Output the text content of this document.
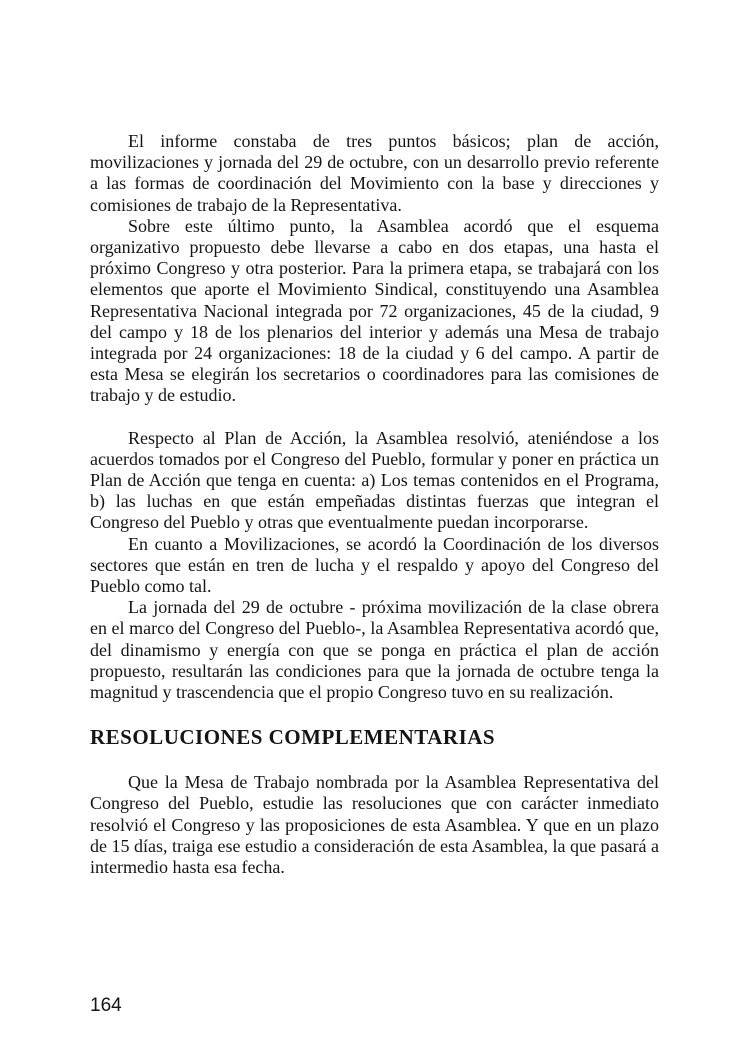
El informe constaba de tres puntos básicos; plan de acción, movilizaciones y jornada del 29 de octubre, con un desarrollo previo referente a las formas de coordinación del Movimiento con la base y direcciones y comisiones de trabajo de la Representativa.

Sobre este último punto, la Asamblea acordó que el esquema organizativo propuesto debe llevarse a cabo en dos etapas, una hasta el próximo Congreso y otra posterior. Para la primera etapa, se trabajará con los elementos que aporte el Movimiento Sindical, constituyendo una Asamblea Representativa Nacional integrada por 72 organizaciones, 45 de la ciudad, 9 del campo y 18 de los plenarios del interior y además una Mesa de trabajo integrada por 24 organizaciones: 18 de la ciudad y 6 del campo. A partir de esta Mesa se elegirán los secretarios o coordinadores para las comisiones de trabajo y de estudio.

Respecto al Plan de Acción, la Asamblea resolvió, ateniéndose a los acuerdos tomados por el Congreso del Pueblo, formular y poner en práctica un Plan de Acción que tenga en cuenta: a) Los temas contenidos en el Programa, b) las luchas en que están empeñadas distintas fuerzas que integran el Congreso del Pueblo y otras que eventualmente puedan incorporarse.

En cuanto a Movilizaciones, se acordó la Coordinación de los diversos sectores que están en tren de lucha y el respaldo y apoyo del Congreso del Pueblo como tal.

La jornada del 29 de octubre - próxima movilización de la clase obrera en el marco del Congreso del Pueblo-, la Asamblea Representativa acordó que, del dinamismo y energía con que se ponga en práctica el plan de acción propuesto, resultarán las condiciones para que la jornada de octubre tenga la magnitud y trascendencia que el propio Congreso tuvo en su realización.

RESOLUCIONES COMPLEMENTARIAS

Que la Mesa de Trabajo nombrada por la Asamblea Representativa del Congreso del Pueblo, estudie las resoluciones que con carácter inmediato resolvió el Congreso y las proposiciones de esta Asamblea. Y que en un plazo de 15 días, traiga ese estudio a consideración de esta Asamblea, la que pasará a intermedio hasta esa fecha.

164
